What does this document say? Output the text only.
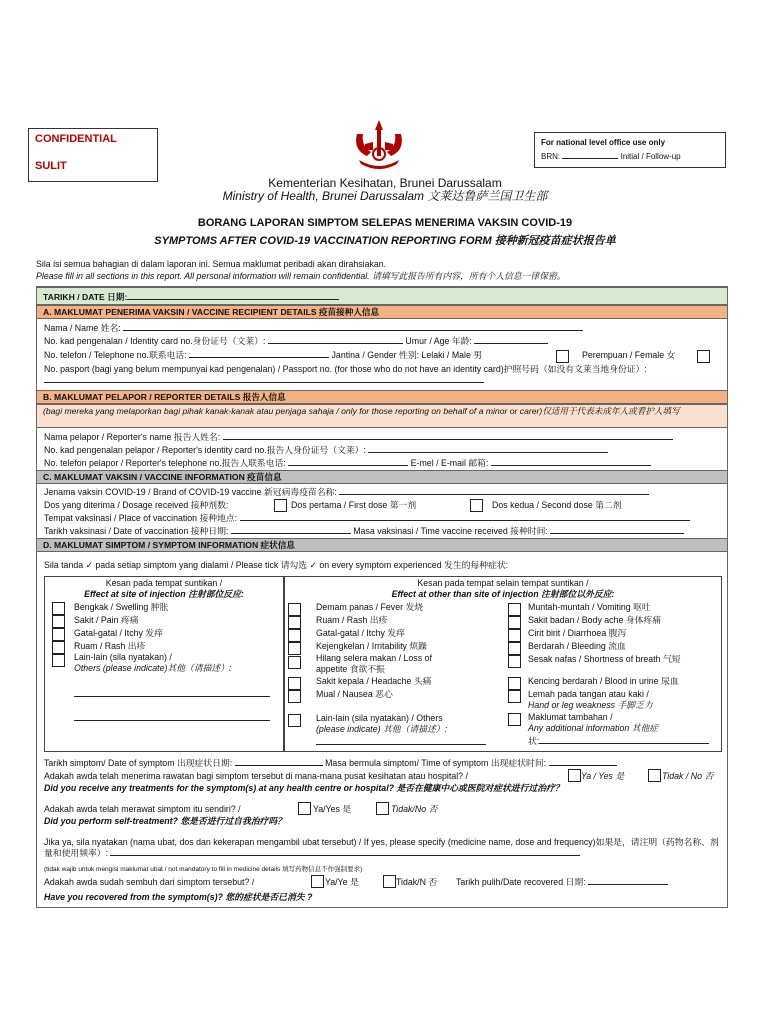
CONFIDENTIAL
SULIT
For national level office use only
BRN:	Initial / Follow-up
Kementerian Kesihatan, Brunei Darussalam
Ministry of Health, Brunei Darussalam 文莱达鲁萨兰国卫生部
BORANG LAPORAN SIMPTOM SELEPAS MENERIMA VAKSIN COVID-19
SYMPTOMS AFTER COVID-19 VACCINATION REPORTING FORM 接种新冠疫苗症状报告单
Sila isi semua bahagian di dalam laporan ini. Semua maklumat peribadi akan dirahsiakan.
Please fill in all sections in this report. All personal information will remain confidential. 请填写此报告所有内容，所有个人信息一律保密。
TARIKH / DATE 日期:
A. MAKLUMAT PENERIMA VAKSIN / VACCINE RECIPIENT DETAILS 疫苗接种人信息
Nama / Name 姓名:
No. kad pengenalan / Identity card no.身份证号（文莱）:	Umur / Age 年龄:
No. telefon / Telephone no.联系电话:	Jantina / Gender 性别: Lelaki / Male 男	Perempuan / Female 女
No. pasport (bagi yang belum mempunyai kad pengenalan) / Passport no. (for those who do not have an identity card)护照号码（如没有文莱当地身份证）:
B. MAKLUMAT PELAPOR / REPORTER DETAILS 报告人信息
(bagi mereka yang melaporkan bagi pihak kanak-kanak atau penjaga sahaja / only for those reporting on behalf of a minor or carer)仅适用于代表未成年人或看护人填写
Nama pelapor / Reporter's name 报告人姓名:
No. kad pengenalan pelapor / Reporter's identity card no.报告人身份证号（文莱）:
No. telefon pelapor / Reporter's telephone no.报告人联系电话:	E-mel / E-mail 邮箱:
C. MAKLUMAT VAKSIN / VACCINE INFORMATION 疫苗信息
Jenama vaksin COVID-19 / Brand of COVID-19 vaccine 新冠病毒疫苗名称:
Dos yang diterima / Dosage received 接种剂数:	Dos pertama / First dose 第一剂	Dos kedua / Second dose 第二剂
Tempat vaksinasi / Place of vaccination 接种地点:
Tarikh vaksinasi / Date of vaccination 接种日期:	Masa vaksinasi / Time vaccine received 接种时间:
D. MAKLUMAT SIMPTOM / SYMPTOM INFORMATION 症状信息
Sila tanda ✓ pada setiap simptom yang dialami / Please tick 请勾选 ✓ on every symptom experienced 发生的每种症状:
Kesan pada tempat suntikan /
Effect at site of injection 注射部位反应:
Kesan pada tempat selain tempat suntikan /
Effect at other than site of injection 注射部位以外反应:
Bengkak / Swelling 肿胀
Sakit / Pain 疼痛
Gatal-gatal / Itchy 发痒
Ruam / Rash 出疹
Lain-lain (sila nyatakan) /
Others (please indicate)其他（请描述）:
Demam panas / Fever 发烧
Ruam / Rash 出疹
Gatal-gatal / Itchy 发痒
Kejengkelan / Irritability 烦躁
Hilang selera makan / Loss of
appetite 食欲不振
Sakit kepala / Headache 头痛
Mual / Nausea 恶心
Lain-lain (sila nyatakan) / Others
(please indicate) 其他（请描述）:
Muntah-muntah / Vomiting 呕吐
Sakit badan / Body ache 身体疼痛
Cirit birit / Diarrhoea 腹泻
Berdarah / Bleeding 流血
Sesak nafas / Shortness of breath 气短
Kencing berdarah / Blood in urine 尿血
Lemah pada tangan atau kaki /
Hand or leg weakness 手脚乏力
Maklumat tambahan /
Any additional information 其他症
状:
Tarikh simptom/ Date of symptom 出现症状日期:	Masa bermula simptom/ Time of symptom 出现症状时间:
Adakah awda telah menerima rawatan bagi simptom tersebut di mana-mana pusat kesihatan atau hospital? /	Ya / Yes 是	Tidak / No 否
Did you receive any treatments for the symptom(s) at any health centre or hospital? 是否在健康中心或医院对症状进行过治疗？
Adakah awda telah merawat simptom itu sendiri? /	Ya/Yes 是	Tidak/No 否
Did you perform self-treatment? 您是否进行过自我治疗吗？
Jika ya, sila nyatakan (nama ubat, dos dan kekerapan mengambil ubat tersebut) / If yes, please specify (medicine name, dose and frequency)如果是，请注明（药物名称、剂量和使用频率）:
(tidak wajib untuk mengisi maklumat ubat / not mandatory to fill in medicine details 填写药物信息不作强制要求)
Adakah awda sudah sembuh dari simptom tersebut? /	Ya/Ye 是	Tidak/N 否 Tarikh pulih/Date recovered 日期:
Have you recovered from the symptom(s)? 您的症状是否已消失 ?
